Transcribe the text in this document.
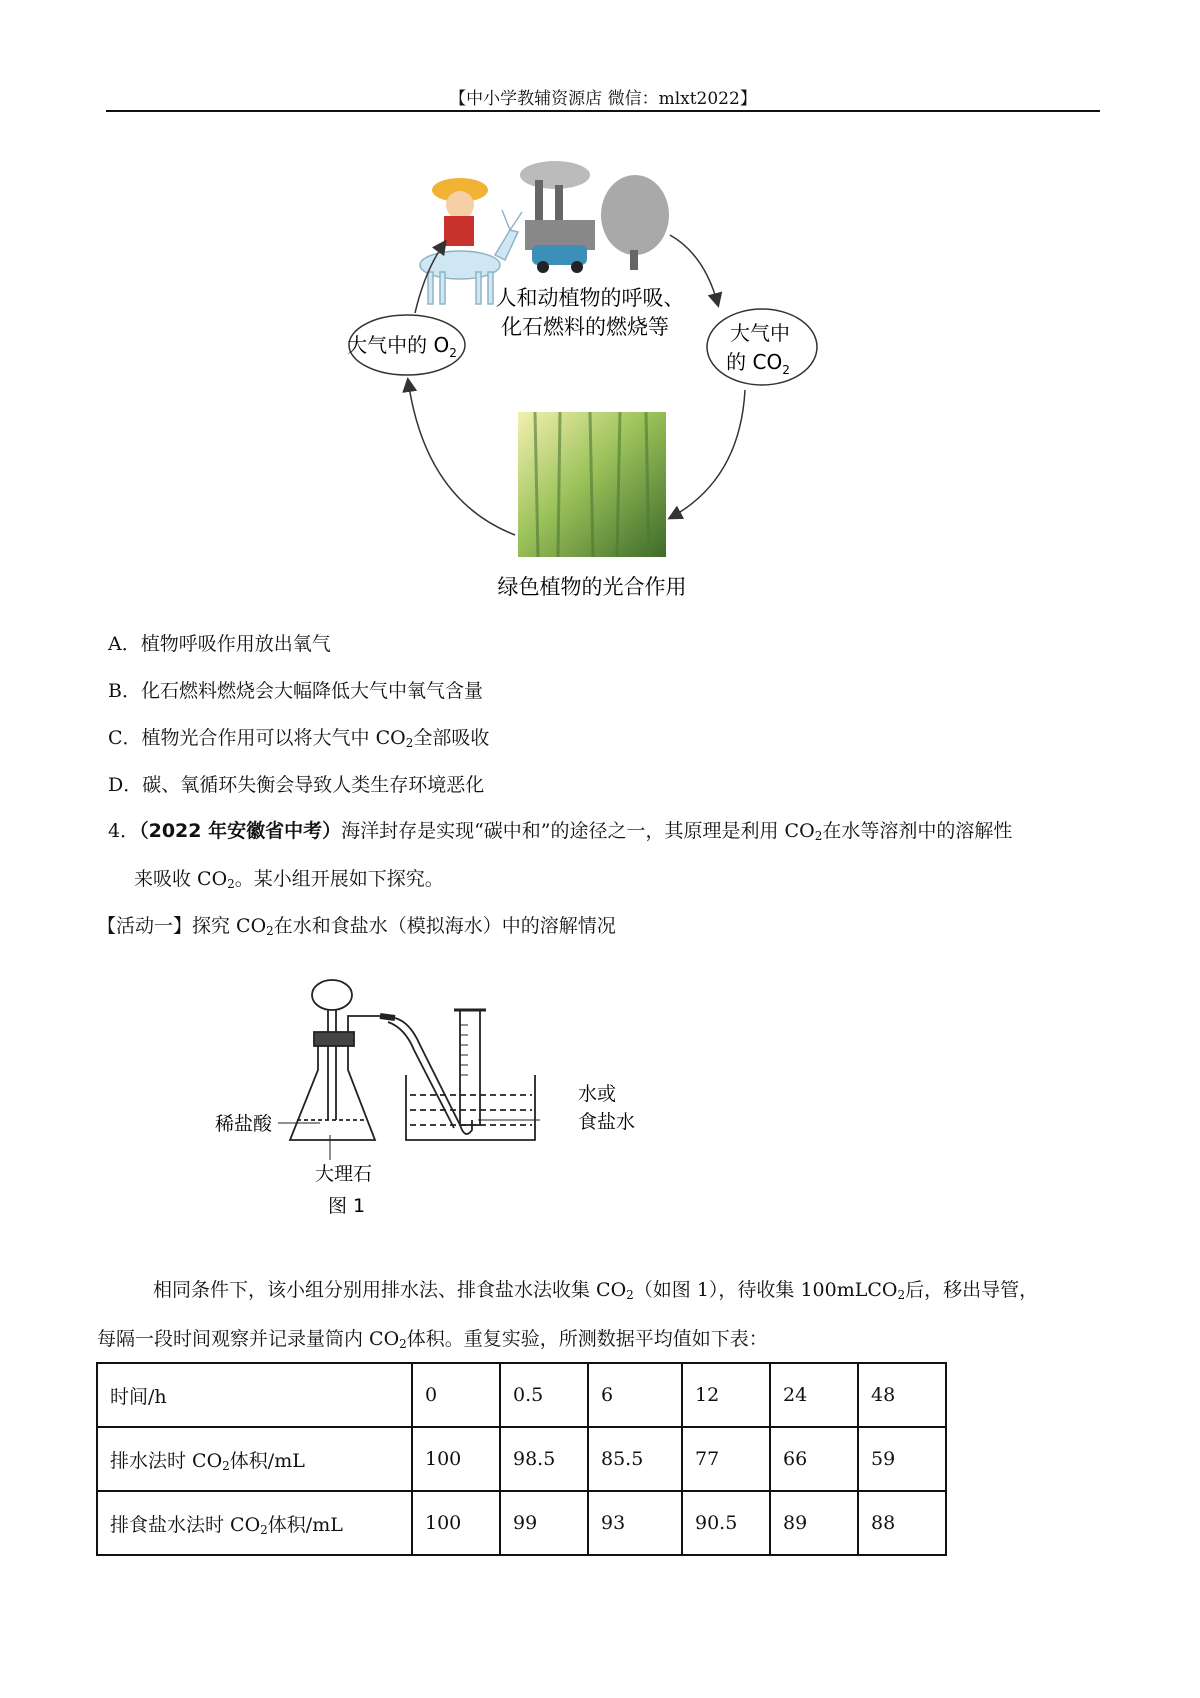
【中小学教辅资源店 微信：mlxt2022】
人和动植物的呼吸、
化石燃料的燃烧等
大气中的 $O_2$
大气中
的 $CO_2$
绿色植物的光合作用
A．植物呼吸作用放出氧气
B．化石燃料燃烧会大幅降低大气中氧气含量
C．植物光合作用可以将大气中 $CO_2$全部吸收
D．碳、氧循环失衡会导致人类生存环境恶化
4．（2022 年安徽省中考）海洋封存是实现“碳中和”的途径之一，其原理是利用 $CO_2$在水等溶剂中的溶解性
来吸收 $CO_2$。某小组开展如下探究。
【活动一】探究 $CO_2$在水和食盐水（模拟海水）中的溶解情况
稀盐酸
大理石
图 1
水或
食盐水
相同条件下，该小组分别用排水法、排食盐水法收集 $CO_2$（如图 1），待收集 100mLCO$_2$后，移出导管，
每隔一段时间观察并记录量筒内 $CO_2$体积。重复实验，所测数据平均值如下表：
时间/h	0	0.5	6	12	24	48
排水法时 $CO_2$体积/mL	100	98.5	85.5	77	66	59
排食盐水法时 $CO_2$体积/mL	100	99	93	90.5	89	88
